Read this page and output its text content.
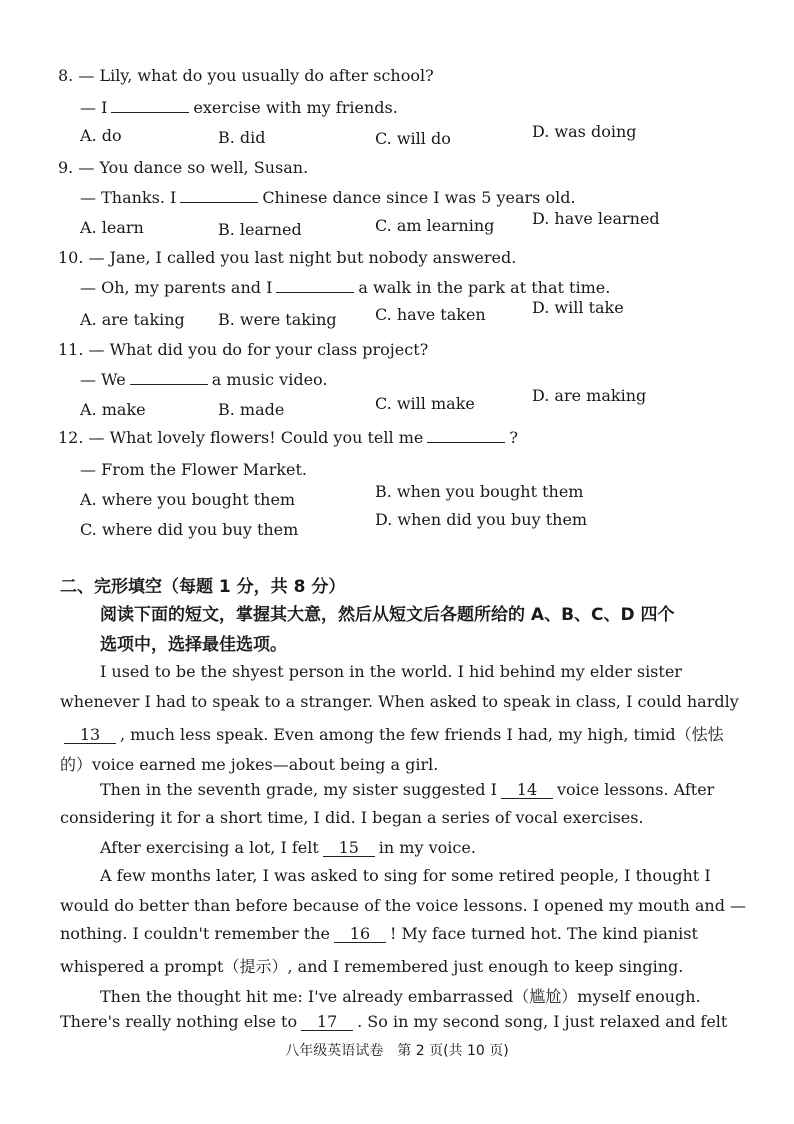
8. — Lily, what do you usually do after school?
— I	exercise with my friends.
A. do	B. did	C. will do	D. was doing
9. — You dance so well, Susan.
— Thanks. I	Chinese dance since I was 5 years old.
A. learn	B. learned	C. am learning D. have learned
10. — Jane, I called you last night but nobody answered.
— Oh, my parents and I	a walk in the park at that time.
A. are taking B. were taking C. have taken	D. will take
11. — What did you do for your class project?
— We	a music video.
A. make	B. made	C. will make	D. are making
12. — What lovely flowers! Could you tell me	?
— From the Flower Market.
A. where you bought them	B. when you bought them
C. where did you buy them
D. when did you buy them
二、完形填空（每题 1 分，共 8 分）
阅读下面的短文，掌握其大意，然后从短文后各题所给的 A、B、C、D 四个
选项中，选择最佳选项。
I used to be the shyest person in the world. I hid behind my elder sister
whenever I had to speak to a stranger. When asked to speak in class, I could hardly
13 , much less speak. Even among the few friends I had, my high, timid（怯怯
的）voice earned me jokes—about being a girl.
Then in the seventh grade, my sister suggested I 14 voice lessons. After
considering it for a short time, I did. I began a series of vocal exercises.
After exercising a lot, I felt 15 in my voice.
A few months later, I was asked to sing for some retired people, I thought I
would do better than before because of the voice lessons. I opened my mouth and —
nothing. I couldn't remember the 16 ! My face turned hot. The kind pianist
whispered a prompt（提示）, and I remembered just enough to keep singing.
Then the thought hit me: I've already embarrassed（尴尬）myself enough.
There's really nothing else to 17 . So in my second song, I just relaxed and felt
八年级英语试卷　第 2 页(共 10 页)
